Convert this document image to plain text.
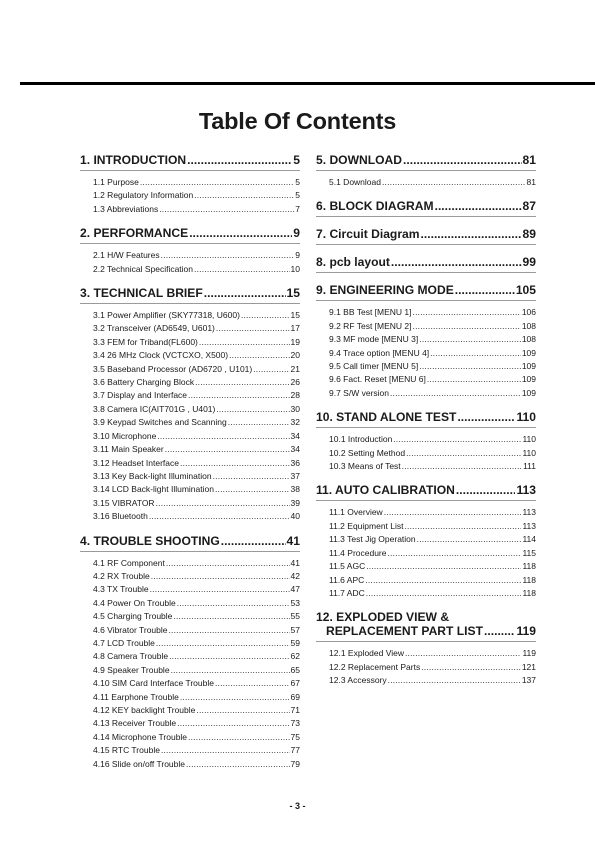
Table Of Contents
1. INTRODUCTION .....	5
1.1 Purpose .....	5
1.2 Regulatory Information .....	5
1.3 Abbreviations .....	7
2. PERFORMANCE .....	9
2.1 H/W Features .....	9
2.2 Technical Specification .....	10
3. TECHNICAL BRIEF .....	15
3.1 Power Amplifier (SKY77318, U600) .....	15
3.2 Transceiver (AD6549, U601) .....	17
3.3 FEM for Triband(FL600) .....	19
3.4 26 MHz Clock (VCTCXO, X500) .....	20
3.5 Baseband Processor (AD6720 , U101) .....	21
3.6 Battery Charging Block .....	26
3.7 Display and Interface .....	28
3.8 Camera IC(AIT701G , U401) .....	30
3.9 Keypad Switches and Scanning .....	32
3.10 Microphone .....	34
3.11 Main Speaker .....	34
3.12 Headset Interface .....	36
3.13 Key Back-light Illumination .....	37
3.14 LCD Back-light Illumination .....	38
3.15 VIBRATOR .....	39
3.16 Bluetooth .....	40
4. TROUBLE SHOOTING .....	41
4.1 RF Component .....	41
4.2 RX Trouble .....	42
4.3 TX Trouble .....	47
4.4 Power On Trouble .....	53
4.5 Charging Trouble .....	55
4.6 Vibrator Trouble .....	57
4.7 LCD Trouble .....	59
4.8 Camera Trouble .....	62
4.9 Speaker Trouble .....	65
4.10 SIM Card Interface Trouble .....	67
4.11 Earphone Trouble .....	69
4.12 KEY backlight Trouble .....	71
4.13 Receiver Trouble .....	73
4.14 Microphone Trouble .....	75
4.15 RTC Trouble .....	77
4.16 Slide on/off Trouble .....	79
5. DOWNLOAD .....	81
5.1 Download .....	81
6. BLOCK DIAGRAM .....	87
7. Circuit Diagram .....	89
8. pcb layout .....	99
9. ENGINEERING MODE .....	105
9.1 BB Test [MENU 1] .....	106
9.2 RF Test [MENU 2] .....	108
9.3 MF mode [MENU 3] .....	108
9.4 Trace option [MENU 4] .....	109
9.5 Call timer [MENU 5] .....	109
9.6 Fact. Reset [MENU 6] .....	109
9.7 S/W version .....	109
10. STAND ALONE TEST .....	110
10.1 Introduction .....	110
10.2 Setting Method .....	110
10.3 Means of Test .....	111
11. AUTO CALIBRATION .....	113
11.1 Overview .....	113
11.2 Equipment List .....	113
11.3 Test Jig Operation .....	114
11.4 Procedure .....	115
11.5 AGC .....	118
11.6 APC .....	118
11.7 ADC .....	118
12. EXPLODED VIEW &
REPLACEMENT PART LIST .....	119
12.1 Exploded View .....	119
12.2 Replacement Parts .....	121
12.3 Accessory .....	137
- 3 -
